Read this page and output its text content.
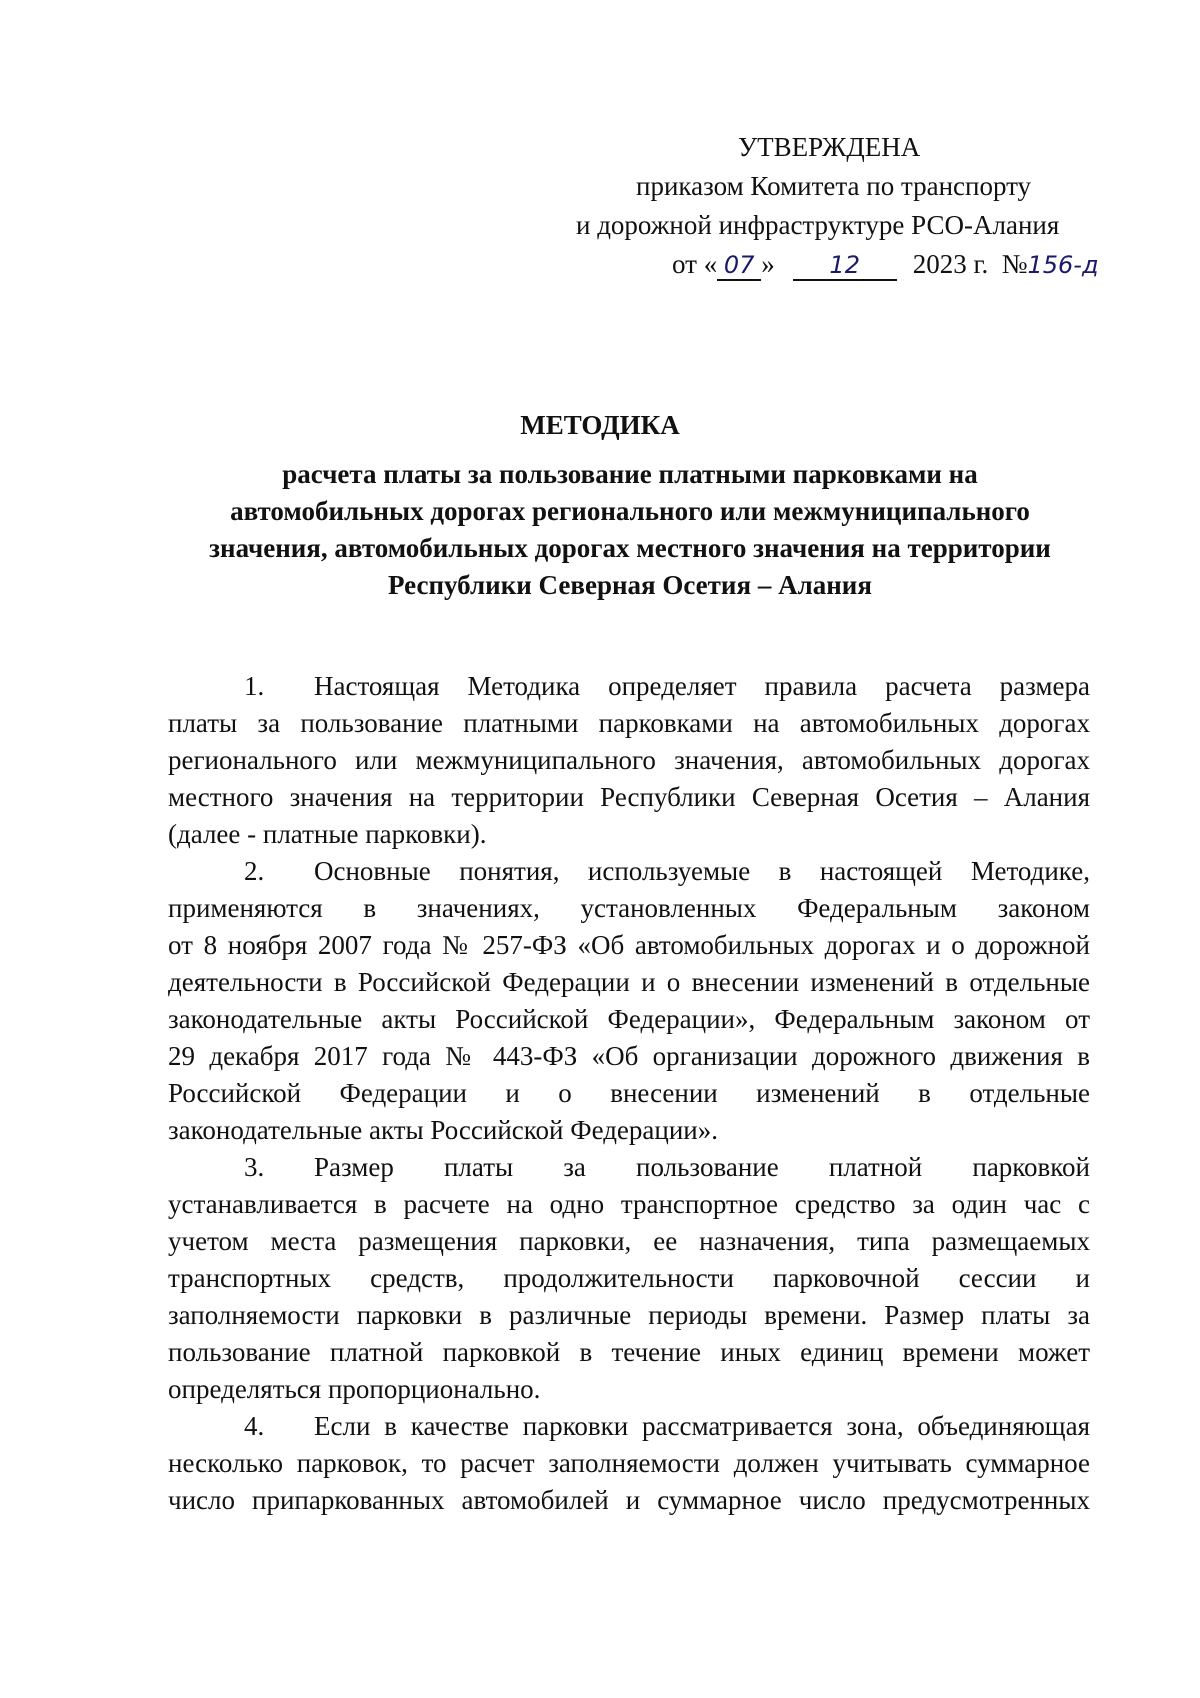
УТВЕРЖДЕНА
приказом Комитета по транспорту
и дорожной инфраструктуре РСО-Алания
от « 07 » 12 2023 г. №156-д
МЕТОДИКА
расчета платы за пользование платными парковками на
автомобильных дорогах регионального или межмуниципального
значения, автомобильных дорогах местного значения на территории
Республики Северная Осетия – Алания
1. Настоящая Методика определяет правила расчета размера
платы за пользование платными парковками на автомобильных дорогах
регионального или межмуниципального значения, автомобильных дорогах
местного значения на территории Республики Северная Осетия – Алания
(далее - платные парковки).
2. Основные понятия, используемые в настоящей Методике,
применяются в значениях, установленных Федеральным законом
от 8 ноября 2007 года № 257-ФЗ «Об автомобильных дорогах и о дорожной
деятельности в Российской Федерации и о внесении изменений в отдельные
законодательные акты Российской Федерации», Федеральным законом от
29 декабря 2017 года № 443-ФЗ «Об организации дорожного движения в
Российской Федерации и о внесении изменений в отдельные
законодательные акты Российской Федерации».
3. Размер платы за пользование платной парковкой
устанавливается в расчете на одно транспортное средство за один час с
учетом места размещения парковки, ее назначения, типа размещаемых
транспортных средств, продолжительности парковочной сессии и
заполняемости парковки в различные периоды времени. Размер платы за
пользование платной парковкой в течение иных единиц времени может
определяться пропорционально.
4. Если в качестве парковки рассматривается зона, объединяющая
несколько парковок, то расчет заполняемости должен учитывать суммарное
число припаркованных автомобилей и суммарное число предусмотренных
